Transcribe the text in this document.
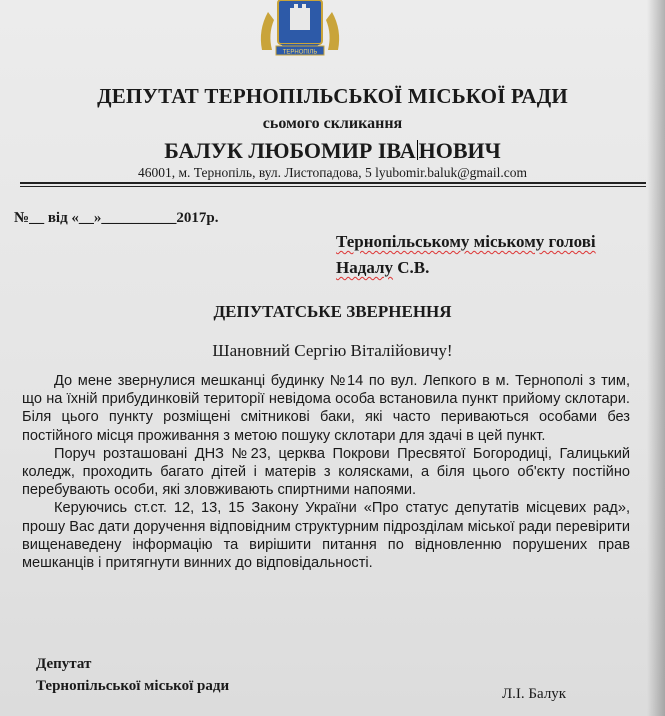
ТЕРНОПІЛЬ
ДЕПУТАТ ТЕРНОПІЛЬСЬКОЇ МІСЬКОЇ РАДИ
сьомого скликання
БАЛУК ЛЮБОМИР ІВА НОВИЧ
46001, м. Тернопіль, вул. Листопадова, 5 lyubomir.baluk@gmail.com
№__ від «__»__________2017р.
Тернопільському міському голові
Надалу С.В.
ДЕПУТАТСЬКЕ ЗВЕРНЕННЯ
Шановний Сергію Віталійовичу!

До мене звернулися мешканці будинку №14 по вул. Лепкого в м. Тернополі з тим, що на їхній прибудинковій території невідома особа встановила пункт прийому склотари. Біля цього пункту розміщені смітникові баки, які часто периваються особами без постійного місця проживання з метою пошуку склотари для здачі в цей пункт.

Поруч розташовані ДНЗ №23, церква Покрови Пресвятої Богородиці, Галицький коледж, проходить багато дітей і матерів з колясками, а біля цього об'єкту постійно перебувають особи, які зловживають спиртними напоями.

Керуючись ст.ст. 12, 13, 15 Закону України «Про статус депутатів місцевих рад», прошу Вас дати доручення відповідним структурним підрозділам міської ради перевірити вищенаведену інформацію та вирішити питання по відновленню порушених прав мешканців і притягнути винних до відповідальності.

Депутат
Тернопільської міської ради	Л.І. Балук
